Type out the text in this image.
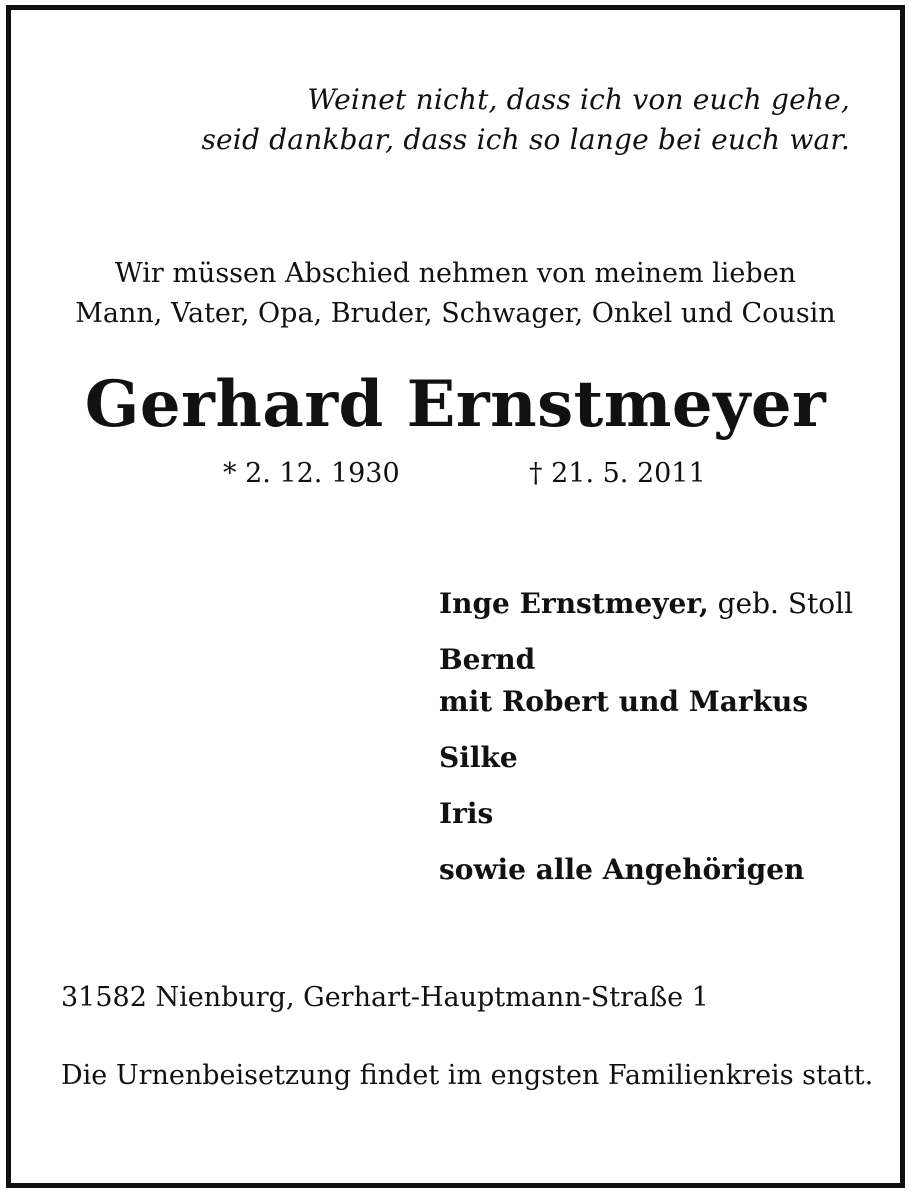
Weinet nicht, dass ich von euch gehe,
seid dankbar, dass ich so lange bei euch war.
Wir müssen Abschied nehmen von meinem lieben
Mann, Vater, Opa, Bruder, Schwager, Onkel und Cousin
Gerhard Ernstmeyer
* 2. 12. 1930	† 21. 5. 2011
Inge Ernstmeyer, geb. Stoll
Bernd
mit Robert und Markus
Silke
Iris
sowie alle Angehörigen
31582 Nienburg, Gerhart-Hauptmann-Straße 1
Die Urnenbeisetzung findet im engsten Familienkreis statt.
